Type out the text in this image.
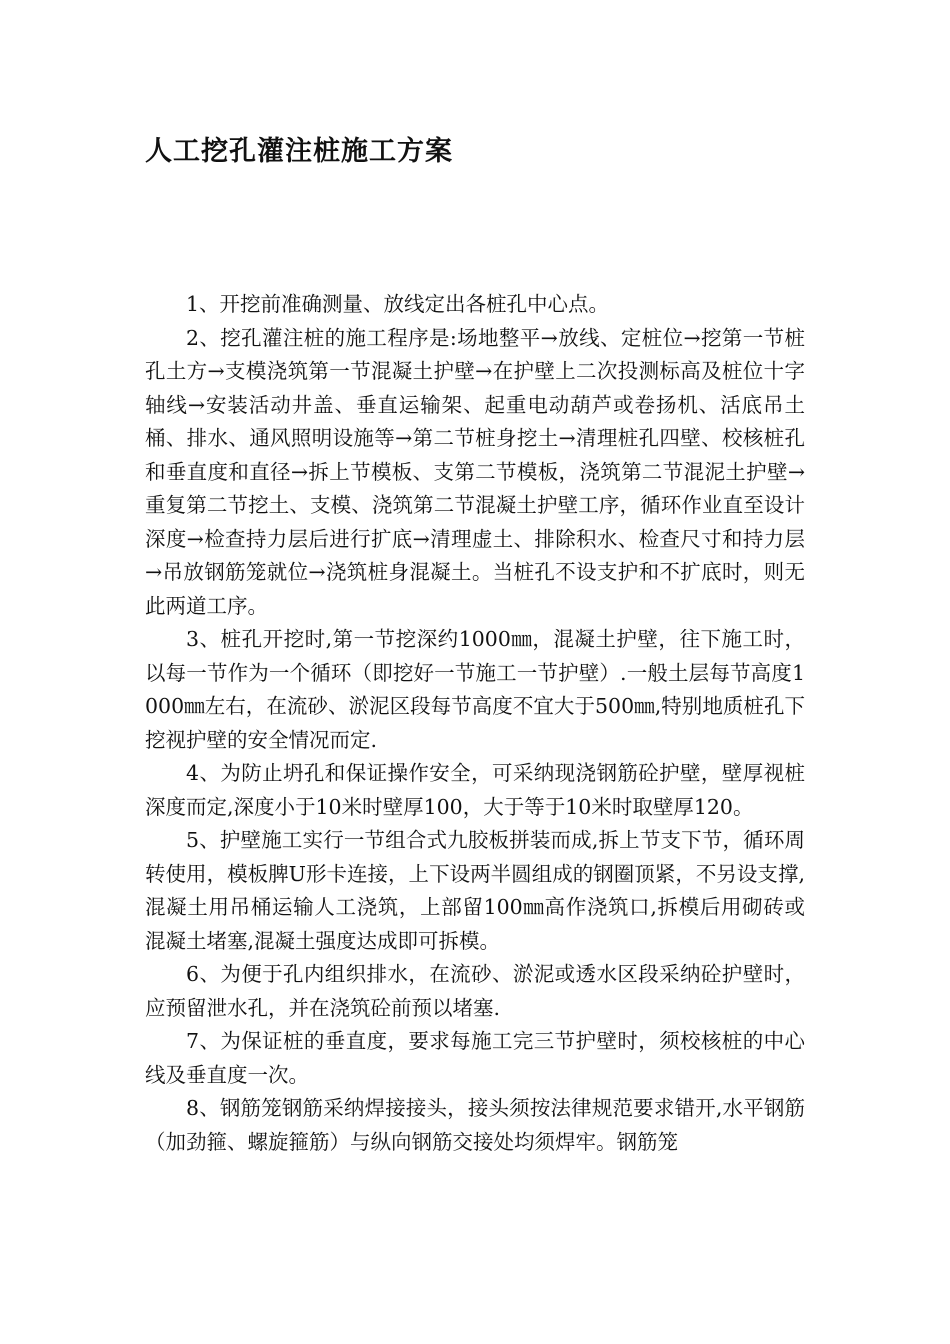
人工挖孔灌注桩施工方案

1、开挖前准确测量、放线定出各桩孔中心点。

2、挖孔灌注桩的施工程序是:场地整平→放线、定桩位→挖第一节桩孔土方→支模浇筑第一节混凝土护壁→在护壁上二次投测标高及桩位十字轴线→安装活动井盖、垂直运输架、起重电动葫芦或卷扬机、活底吊土桶、排水、通风照明设施等→第二节桩身挖土→清理桩孔四壁、校核桩孔和垂直度和直径→拆上节模板、支第二节模板，浇筑第二节混泥土护壁→重复第二节挖土、支模、浇筑第二节混凝土护壁工序，循环作业直至设计深度→检查持力层后进行扩底→清理虚土、排除积水、检查尺寸和持力层→吊放钢筋笼就位→浇筑桩身混凝土。当桩孔不设支护和不扩底时，则无此两道工序。

3、桩孔开挖时,第一节挖深约1000㎜，混凝土护壁，往下施工时，以每一节作为一个循环（即挖好一节施工一节护壁）.一般土层每节高度1000㎜左右，在流砂、淤泥区段每节高度不宜大于500㎜,特别地质桩孔下挖视护壁的安全情况而定.

4、为防止坍孔和保证操作安全，可采纳现浇钢筋砼护壁，壁厚视桩深度而定,深度小于10米时壁厚100，大于等于10米时取壁厚120。

5、护壁施工实行一节组合式九胶板拼装而成,拆上节支下节，循环周转使用，模板脾U形卡连接，上下设两半圆组成的钢圈顶紧，不另设支撑,混凝土用吊桶运输人工浇筑，上部留100㎜高作浇筑口,拆模后用砌砖或混凝土堵塞,混凝土强度达成即可拆模。

6、为便于孔内组织排水，在流砂、淤泥或透水区段采纳砼护壁时，应预留泄水孔，并在浇筑砼前预以堵塞.

7、为保证桩的垂直度，要求每施工完三节护壁时，须校核桩的中心线及垂直度一次。

8、钢筋笼钢筋采纳焊接接头，接头须按法律规范要求错开,水平钢筋（加劲箍、螺旋箍筋）与纵向钢筋交接处均须焊牢。钢筋笼
